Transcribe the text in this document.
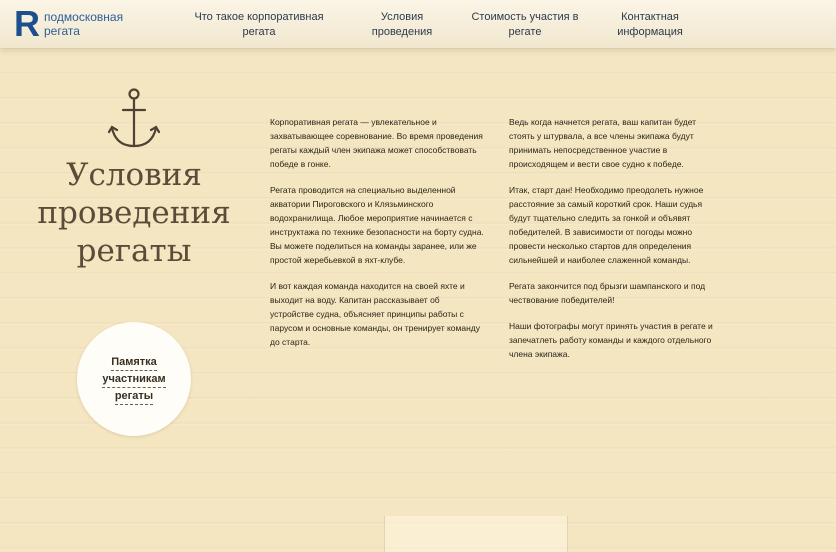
R подмосковная
регата
Что такое корпоративная
регата
Условия
проведения
Стоимость участия в
регате
Контактная
информация
Условия
проведения
регаты
Памятка
участникам
регаты

Корпоративная регата — увлекательное и захватывающее соревнование. Во время проведения регаты каждый член экипажа может способствовать победе в гонке.

Регата проводится на специально выделенной акватории Пироговского и Клязьминского водохранилища. Любое мероприятие начинается с инструктажа по технике безопасности на борту судна. Вы можете поделиться на команды заранее, или же простой жеребьевкой в яхт-клубе.

И вот каждая команда находится на своей яхте и выходит на воду. Капитан рассказывает об устройстве судна, объясняет принципы работы с парусом и основные команды, он тренирует команду до старта.

Ведь когда начнется регата, ваш капитан будет стоять у штурвала, а все члены экипажа будут принимать непосредственное участие в происходящем и вести свое судно к победе.

Итак, старт дан! Необходимо преодолеть нужное расстояние за самый короткий срок. Наши судья будут тщательно следить за гонкой и объявят победителей. В зависимости от погоды можно провести несколько стартов для определения сильнейшей и наиболее слаженной команды.

Регата закончится под брызги шампанского и под чествование победителей!

Наши фотографы могут принять участия в регате и запечатлеть работу команды и каждого отдельного члена экипажа.
